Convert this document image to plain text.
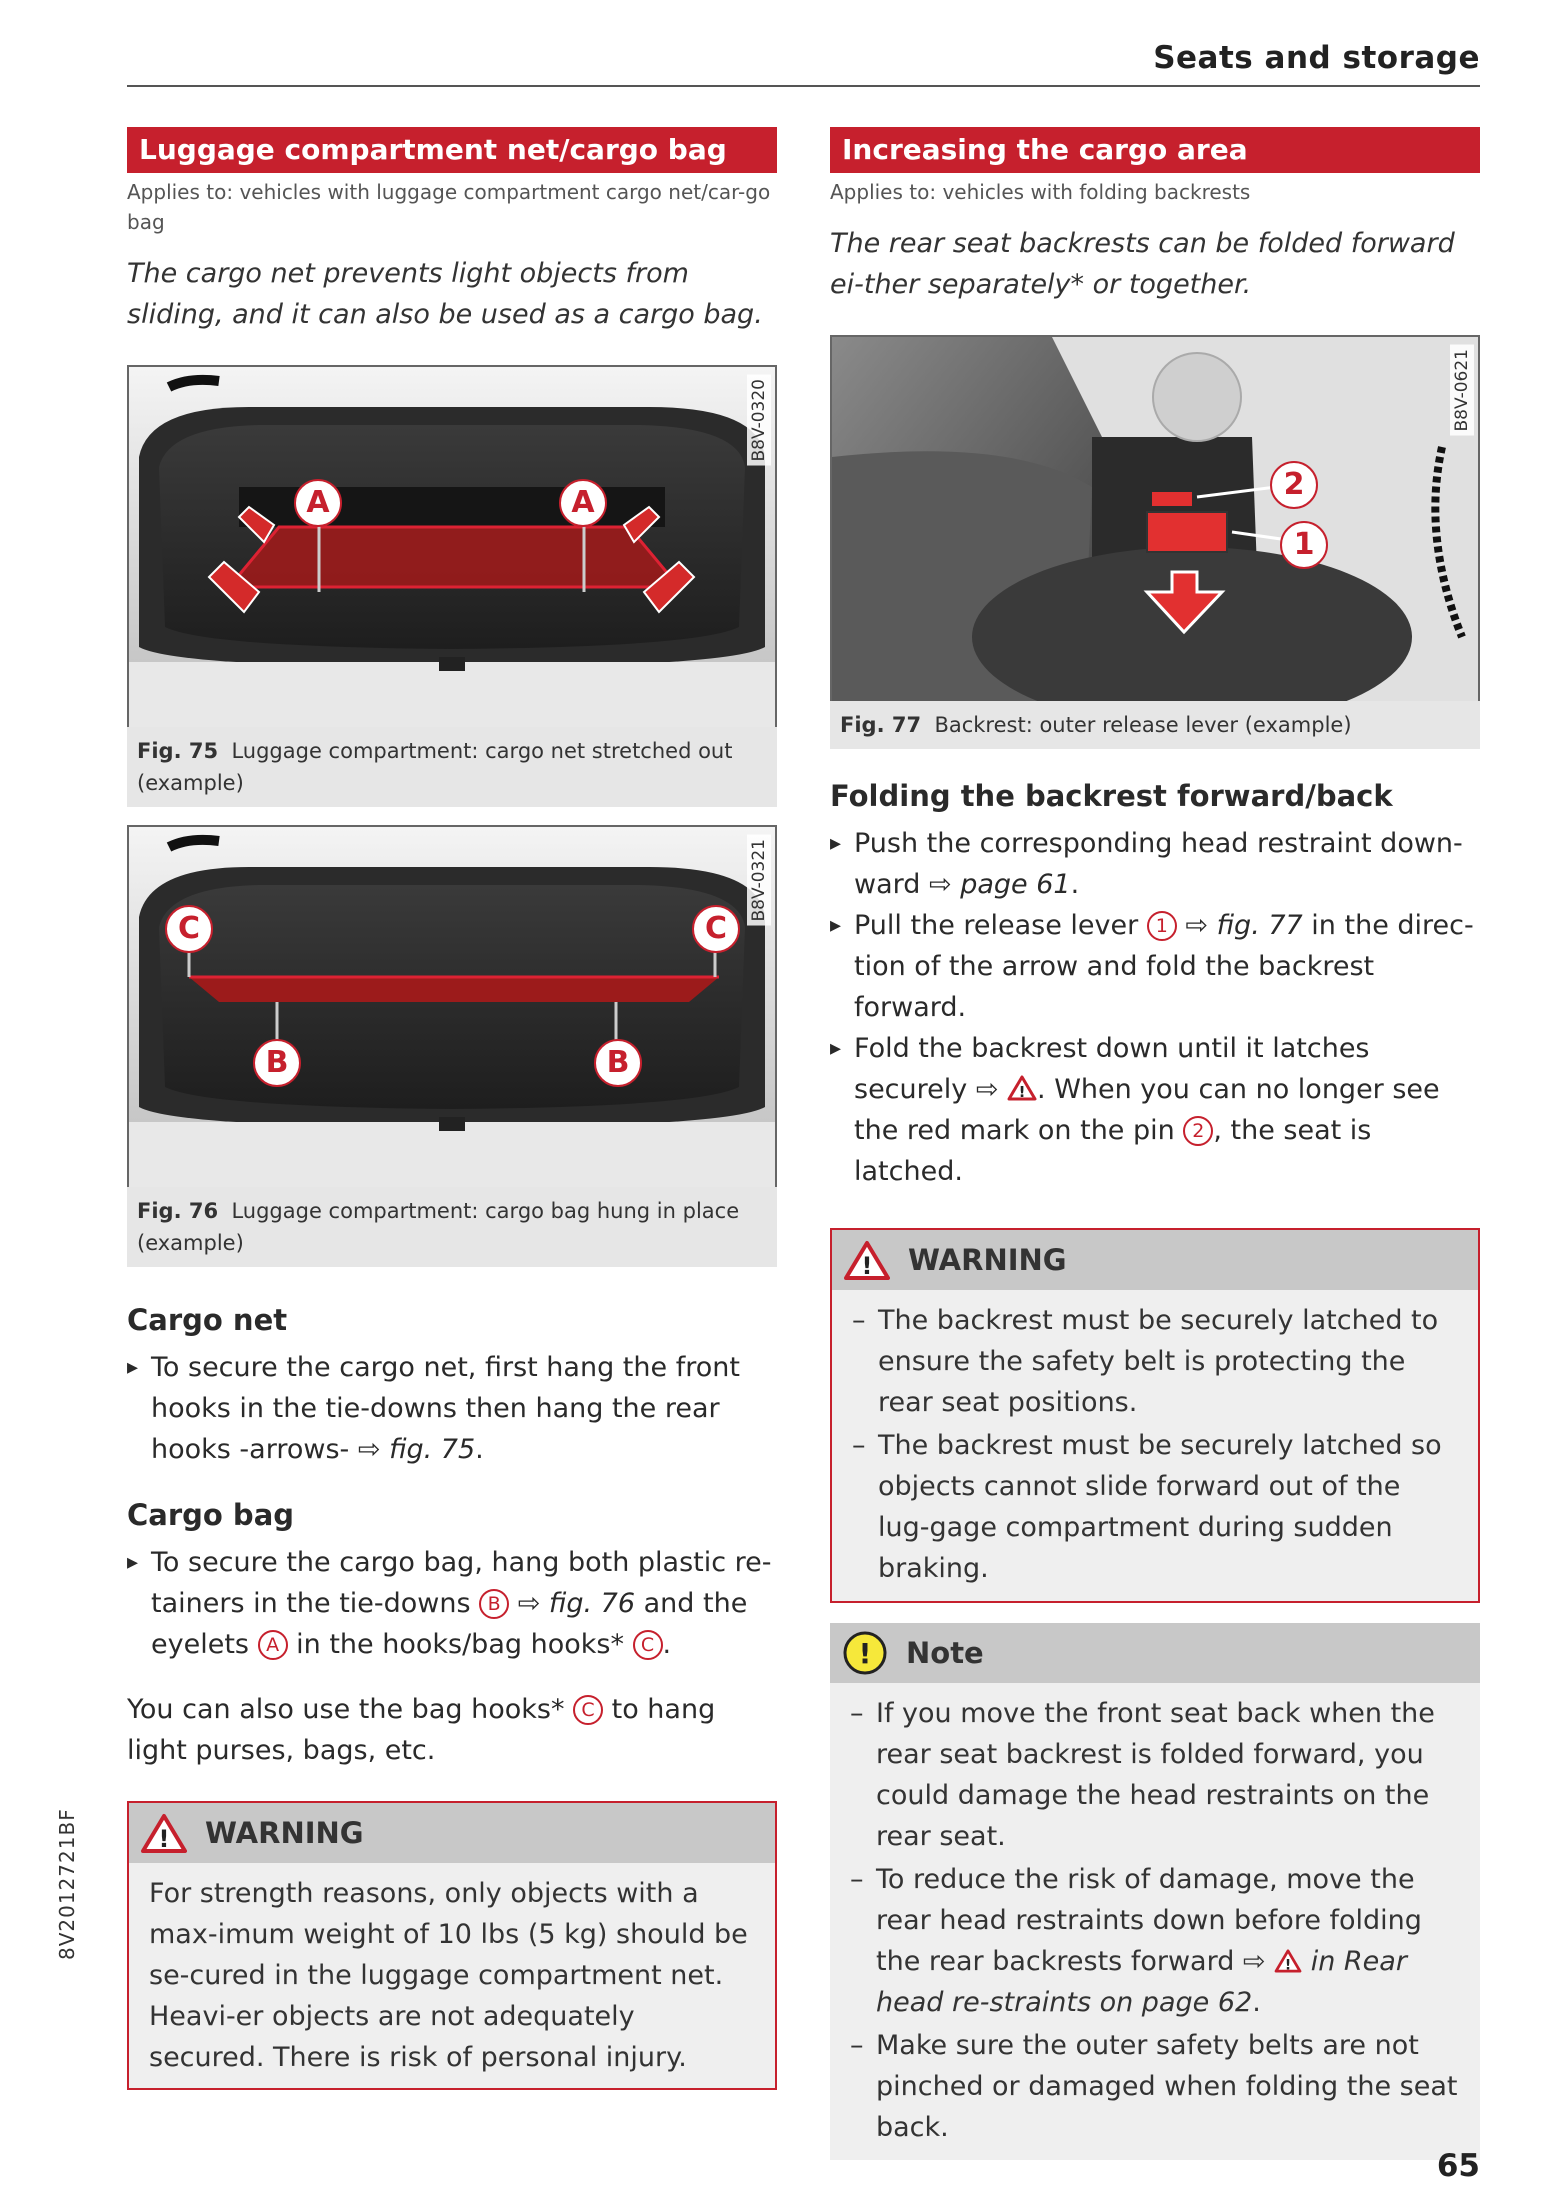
Seats and storage
Luggage compartment net/cargo bag
Applies to: vehicles with luggage compartment cargo net/car-go bag
The cargo net prevents light objects from sliding, and it can also be used as a cargo bag.
A	A
B8V-0320
Fig. 75 Luggage compartment: cargo net stretched out (example)
C	C
B	B
B8V-0321
Fig. 76 Luggage compartment: cargo bag hung in place (example)
Cargo net
▸ To secure the cargo net, first hang the front hooks in the tie-downs then hang the rear hooks -arrows- ⇨ fig. 75.
Cargo bag
▸ To secure the cargo bag, hang both plastic re-tainers in the tie-downs B ⇨ fig. 76 and the eyelets A in the hooks/bag hooks* C .
You can also use the bag hooks* C to hang light purses, bags, etc.
! WARNING
For strength reasons, only objects with a max-imum weight of 10 lbs (5 kg) should be se-cured in the luggage compartment net. Heavi-er objects are not adequately secured. There is risk of personal injury.
Increasing the cargo area
Applies to: vehicles with folding backrests
The rear seat backrests can be folded forward ei-ther separately* or together.
2
1
B8V-0621
Fig. 77 Backrest: outer release lever (example)
Folding the backrest forward/back
▸ Push the corresponding head restraint down-ward ⇨ page 61.
▸ Pull the release lever 1 ⇨ fig. 77 in the direc-tion of the arrow and fold the backrest forward.
▸ Fold the backrest down until it latches securely ⇨ ! . When you can no longer see the red mark on the pin 2 , the seat is latched.
! WARNING
– The backrest must be securely latched to ensure the safety belt is protecting the rear seat positions.
– The backrest must be securely latched so objects cannot slide forward out of the lug-gage compartment during sudden braking.
! Note
– If you move the front seat back when the rear seat backrest is folded forward, you could damage the head restraints on the rear seat.
– To reduce the risk of damage, move the rear head restraints down before folding the rear backrests forward ⇨ ! in Rear head re-straints on page 62.
– Make sure the outer safety belts are not pinched or damaged when folding the seat back.
8V2012721BF
65
